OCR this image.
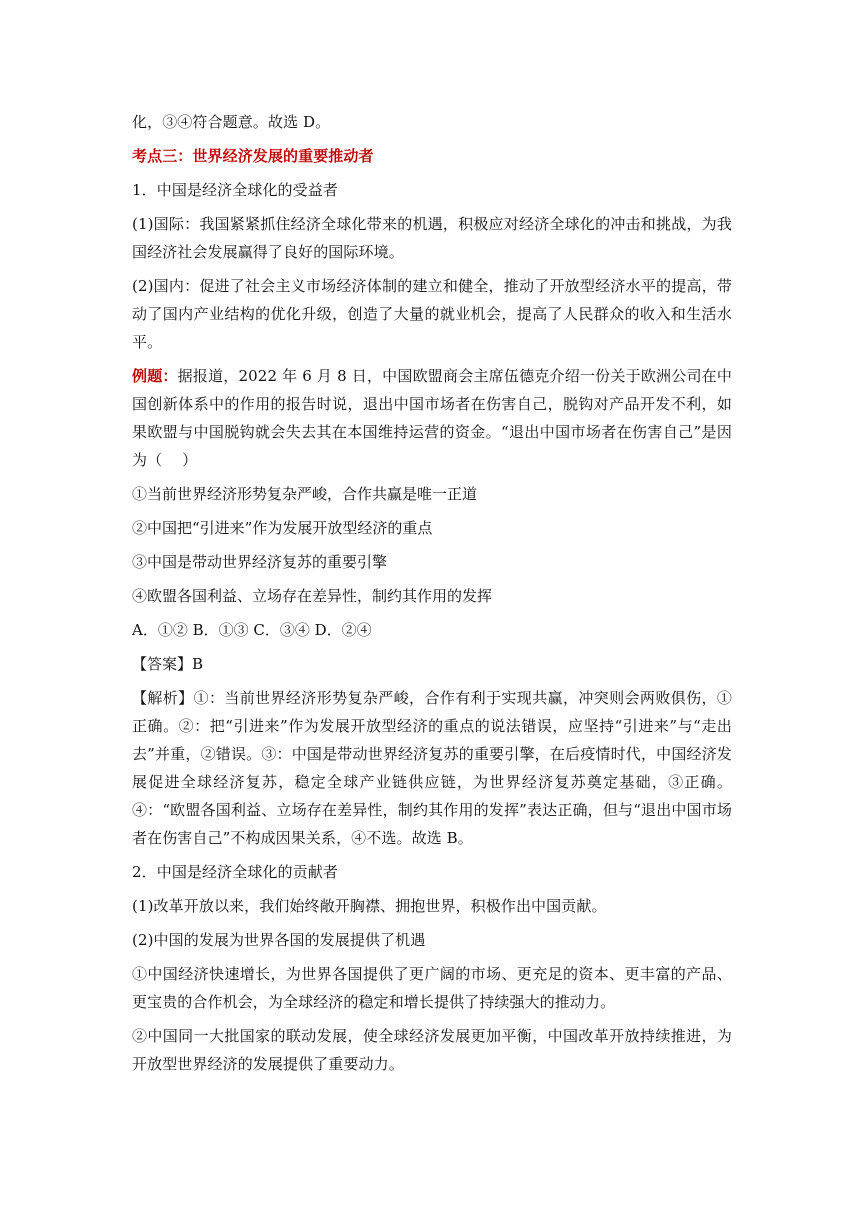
化，③④符合题意。故选 D。

考点三：世界经济发展的重要推动者

1．中国是经济全球化的受益者

(1)国际：我国紧紧抓住经济全球化带来的机遇，积极应对经济全球化的冲击和挑战，为我国经济社会发展赢得了良好的国际环境。

(2)国内：促进了社会主义市场经济体制的建立和健全，推动了开放型经济水平的提高，带动了国内产业结构的优化升级，创造了大量的就业机会，提高了人民群众的收入和生活水平。

例题：据报道，2022 年 6 月 8 日，中国欧盟商会主席伍德克介绍一份关于欧洲公司在中国创新体系中的作用的报告时说，退出中国市场者在伤害自己，脱钩对产品开发不利，如果欧盟与中国脱钩就会失去其在本国维持运营的资金。“退出中国市场者在伤害自己”是因为（　 ）

①当前世界经济形势复杂严峻，合作共赢是唯一正道

②中国把“引进来”作为发展开放型经济的重点

③中国是带动世界经济复苏的重要引擎

④欧盟各国利益、立场存在差异性，制约其作用的发挥

A．①② B．①③ C．③④ D．②④

【答案】B

【解析】①：当前世界经济形势复杂严峻，合作有利于实现共赢，冲突则会两败俱伤，①正确。②：把“引进来”作为发展开放型经济的重点的说法错误，应坚持“引进来”与“走出去”并重，②错误。③：中国是带动世界经济复苏的重要引擎，在后疫情时代，中国经济发展促进全球经济复苏，稳定全球产业链供应链，为世界经济复苏奠定基础，③正确。④：“欧盟各国利益、立场存在差异性，制约其作用的发挥”表达正确，但与“退出中国市场者在伤害自己”不构成因果关系，④不选。故选 B。

2．中国是经济全球化的贡献者

(1)改革开放以来，我们始终敞开胸襟、拥抱世界，积极作出中国贡献。

(2)中国的发展为世界各国的发展提供了机遇

①中国经济快速增长，为世界各国提供了更广阔的市场、更充足的资本、更丰富的产品、更宝贵的合作机会，为全球经济的稳定和增长提供了持续强大的推动力。

②中国同一大批国家的联动发展，使全球经济发展更加平衡，中国改革开放持续推进，为开放型世界经济的发展提供了重要动力。
